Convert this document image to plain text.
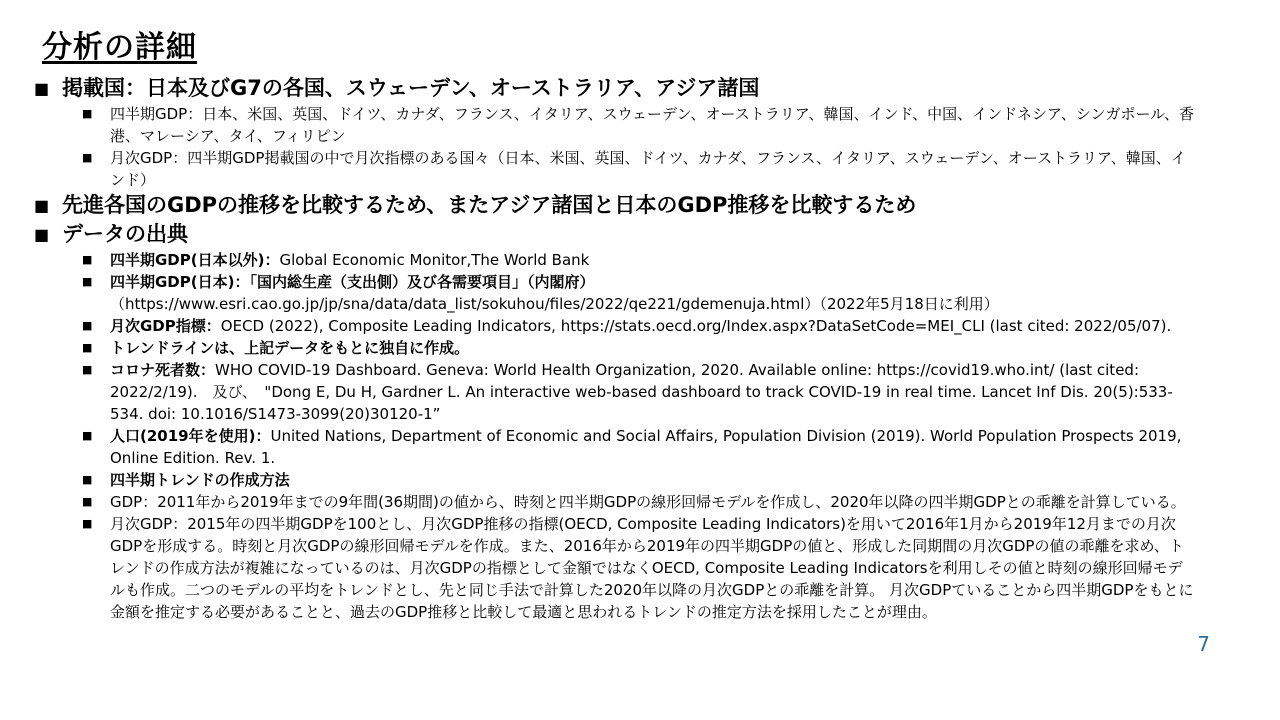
分析の詳細
■ 掲載国：日本及びG7の各国、スウェーデン、オーストラリア、アジア諸国
■	四半期GDP：日本、米国、英国、ドイツ、カナダ、フランス、イタリア、スウェーデン、オーストラリア、韓国、インド、中国、インドネシア、シンガポール、香港、マレーシア、タイ、フィリピン
■	月次GDP：四半期GDP掲載国の中で月次指標のある国々（日本、米国、英国、ドイツ、カナダ、フランス、イタリア、スウェーデン、オーストラリア、韓国、インド）
■ 先進各国のGDPの推移を比較するため、またアジア諸国と日本のGDP推移を比較するため
■ データの出典
■	四半期GDP(日本以外)：Global Economic Monitor,The World Bank
■	四半期GDP(日本)：「国内総生産（支出側）及び各需要項目」（内閣府）
（https://www.esri.cao.go.jp/jp/sna/data/data_list/sokuhou/files/2022/qe221/gdemenuja.html）（2022年5月18日に利用）
■	月次GDP指標：OECD (2022), Composite Leading Indicators, https://stats.oecd.org/Index.aspx?DataSetCode=MEI_CLI (last cited: 2022/05/07).
■	トレンドラインは、上記データをもとに独自に作成。
■	コロナ死者数：WHO COVID-19 Dashboard. Geneva: World Health Organization, 2020. Available online: https://covid19.who.int/ (last cited: 2022/2/19).　及び、　"Dong E, Du H, Gardner L. An interactive web-based dashboard to track COVID-19 in real time. Lancet Inf Dis. 20(5):533-534. doi: 10.1016/S1473-3099(20)30120-1”
■	人口(2019年を使用)：United Nations, Department of Economic and Social Affairs, Population Division (2019). World Population Prospects 2019, Online Edition. Rev. 1.
■	四半期トレンドの作成方法
■	GDP：2011年から2019年までの9年間(36期間)の値から、時刻と四半期GDPの線形回帰モデルを作成し、2020年以降の四半期GDPとの乖離を計算している。
■	月次GDP：2015年の四半期GDPを100とし、月次GDP推移の指標(OECD, Composite Leading Indicators)を用いて2016年1月から2019年12月までの月次GDPを形成する。時刻と月次GDPの線形回帰モデルを作成。また、2016年から2019年の四半期GDPの値と、形成した同期間の月次GDPの値の乖離を求め、トレンドの作成方法が複雑になっているのは、月次GDPの指標として金額ではなくOECD, Composite Leading Indicatorsを利用しその値と時刻の線形回帰モデルも作成。二つのモデルの平均をトレンドとし、先と同じ手法で計算した2020年以降の月次GDPとの乖離を計算。 月次GDPていることから四半期GDPをもとに金額を推定する必要があることと、過去のGDP推移と比較して最適と思われるトレンドの推定方法を採用したことが理由。
7
